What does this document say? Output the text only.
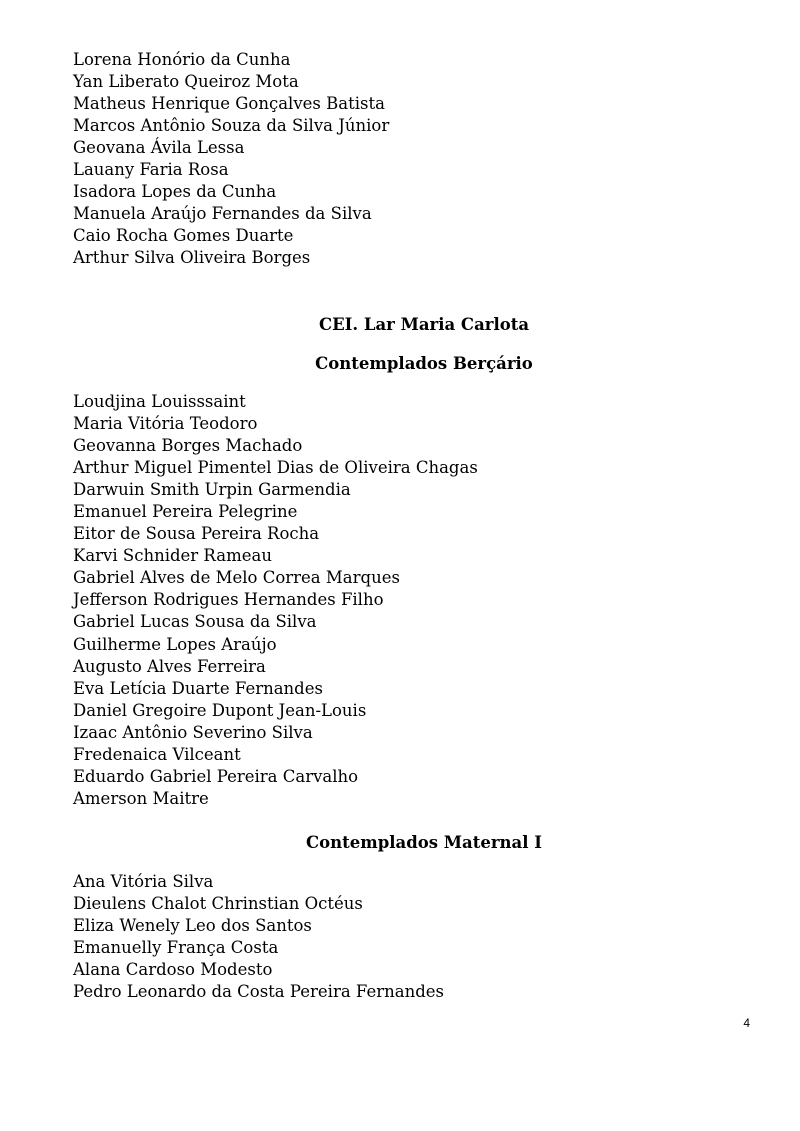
Lorena Honório da Cunha
Yan Liberato Queiroz Mota
Matheus Henrique Gonçalves Batista
Marcos Antônio Souza da Silva Júnior
Geovana Ávila Lessa
Lauany Faria Rosa
Isadora Lopes da Cunha
Manuela Araújo Fernandes da Silva
Caio Rocha Gomes Duarte
Arthur Silva Oliveira Borges
CEI. Lar Maria Carlota
Contemplados Berçário
Loudjina Louisssaint
Maria Vitória Teodoro
Geovanna Borges Machado
Arthur Miguel Pimentel Dias de Oliveira Chagas
Darwuin Smith Urpin Garmendia
Emanuel Pereira Pelegrine
Eitor de Sousa Pereira Rocha
Karvi Schnider Rameau
Gabriel Alves de Melo Correa Marques
Jefferson Rodrigues Hernandes Filho
Gabriel Lucas Sousa da Silva
Guilherme Lopes Araújo
Augusto Alves Ferreira
Eva Letícia Duarte Fernandes
Daniel Gregoire Dupont Jean-Louis
Izaac Antônio Severino Silva
Fredenaica Vilceant
Eduardo Gabriel Pereira Carvalho
Amerson Maitre
Contemplados Maternal I
Ana Vitória Silva
Dieulens Chalot Chrinstian Octéus
Eliza Wenely Leo dos Santos
Emanuelly França Costa
Alana Cardoso Modesto
Pedro Leonardo da Costa Pereira Fernandes
4
